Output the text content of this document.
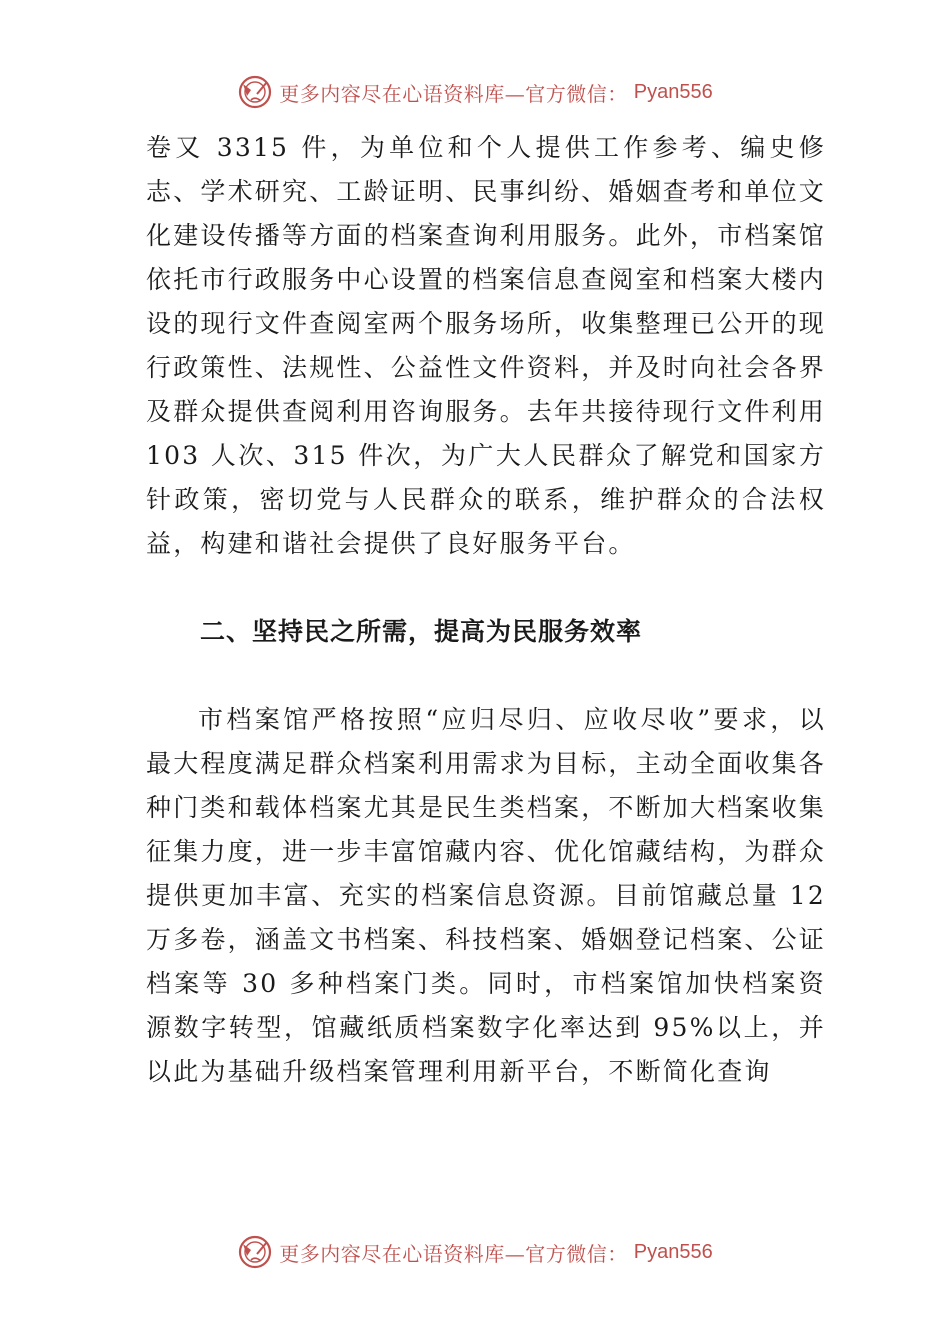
更多内容尽在心语资料库—官方微信： Pyan556

卷又 3315 件，为单位和个人提供工作参考、编史修志、学术研究、工龄证明、民事纠纷、婚姻查考和单位文化建设传播等方面的档案查询利用服务。此外，市档案馆依托市行政服务中心设置的档案信息查阅室和档案大楼内设的现行文件查阅室两个服务场所，收集整理已公开的现行政策性、法规性、公益性文件资料，并及时向社会各界及群众提供查阅利用咨询服务。去年共接待现行文件利用 103 人次、315 件次，为广大人民群众了解党和国家方针政策，密切党与人民群众的联系，维护群众的合法权益，构建和谐社会提供了良好服务平台。

二、坚持民之所需，提高为民服务效率

市档案馆严格按照“应归尽归、应收尽收”要求，以最大程度满足群众档案利用需求为目标，主动全面收集各种门类和载体档案尤其是民生类档案，不断加大档案收集征集力度，进一步丰富馆藏内容、优化馆藏结构，为群众提供更加丰富、充实的档案信息资源。目前馆藏总量 12 万多卷，涵盖文书档案、科技档案、婚姻登记档案、公证档案等 30 多种档案门类。同时，市档案馆加快档案资源数字转型，馆藏纸质档案数字化率达到 95%以上，并以此为基础升级档案管理利用新平台，不断简化查询

更多内容尽在心语资料库—官方微信： Pyan556
